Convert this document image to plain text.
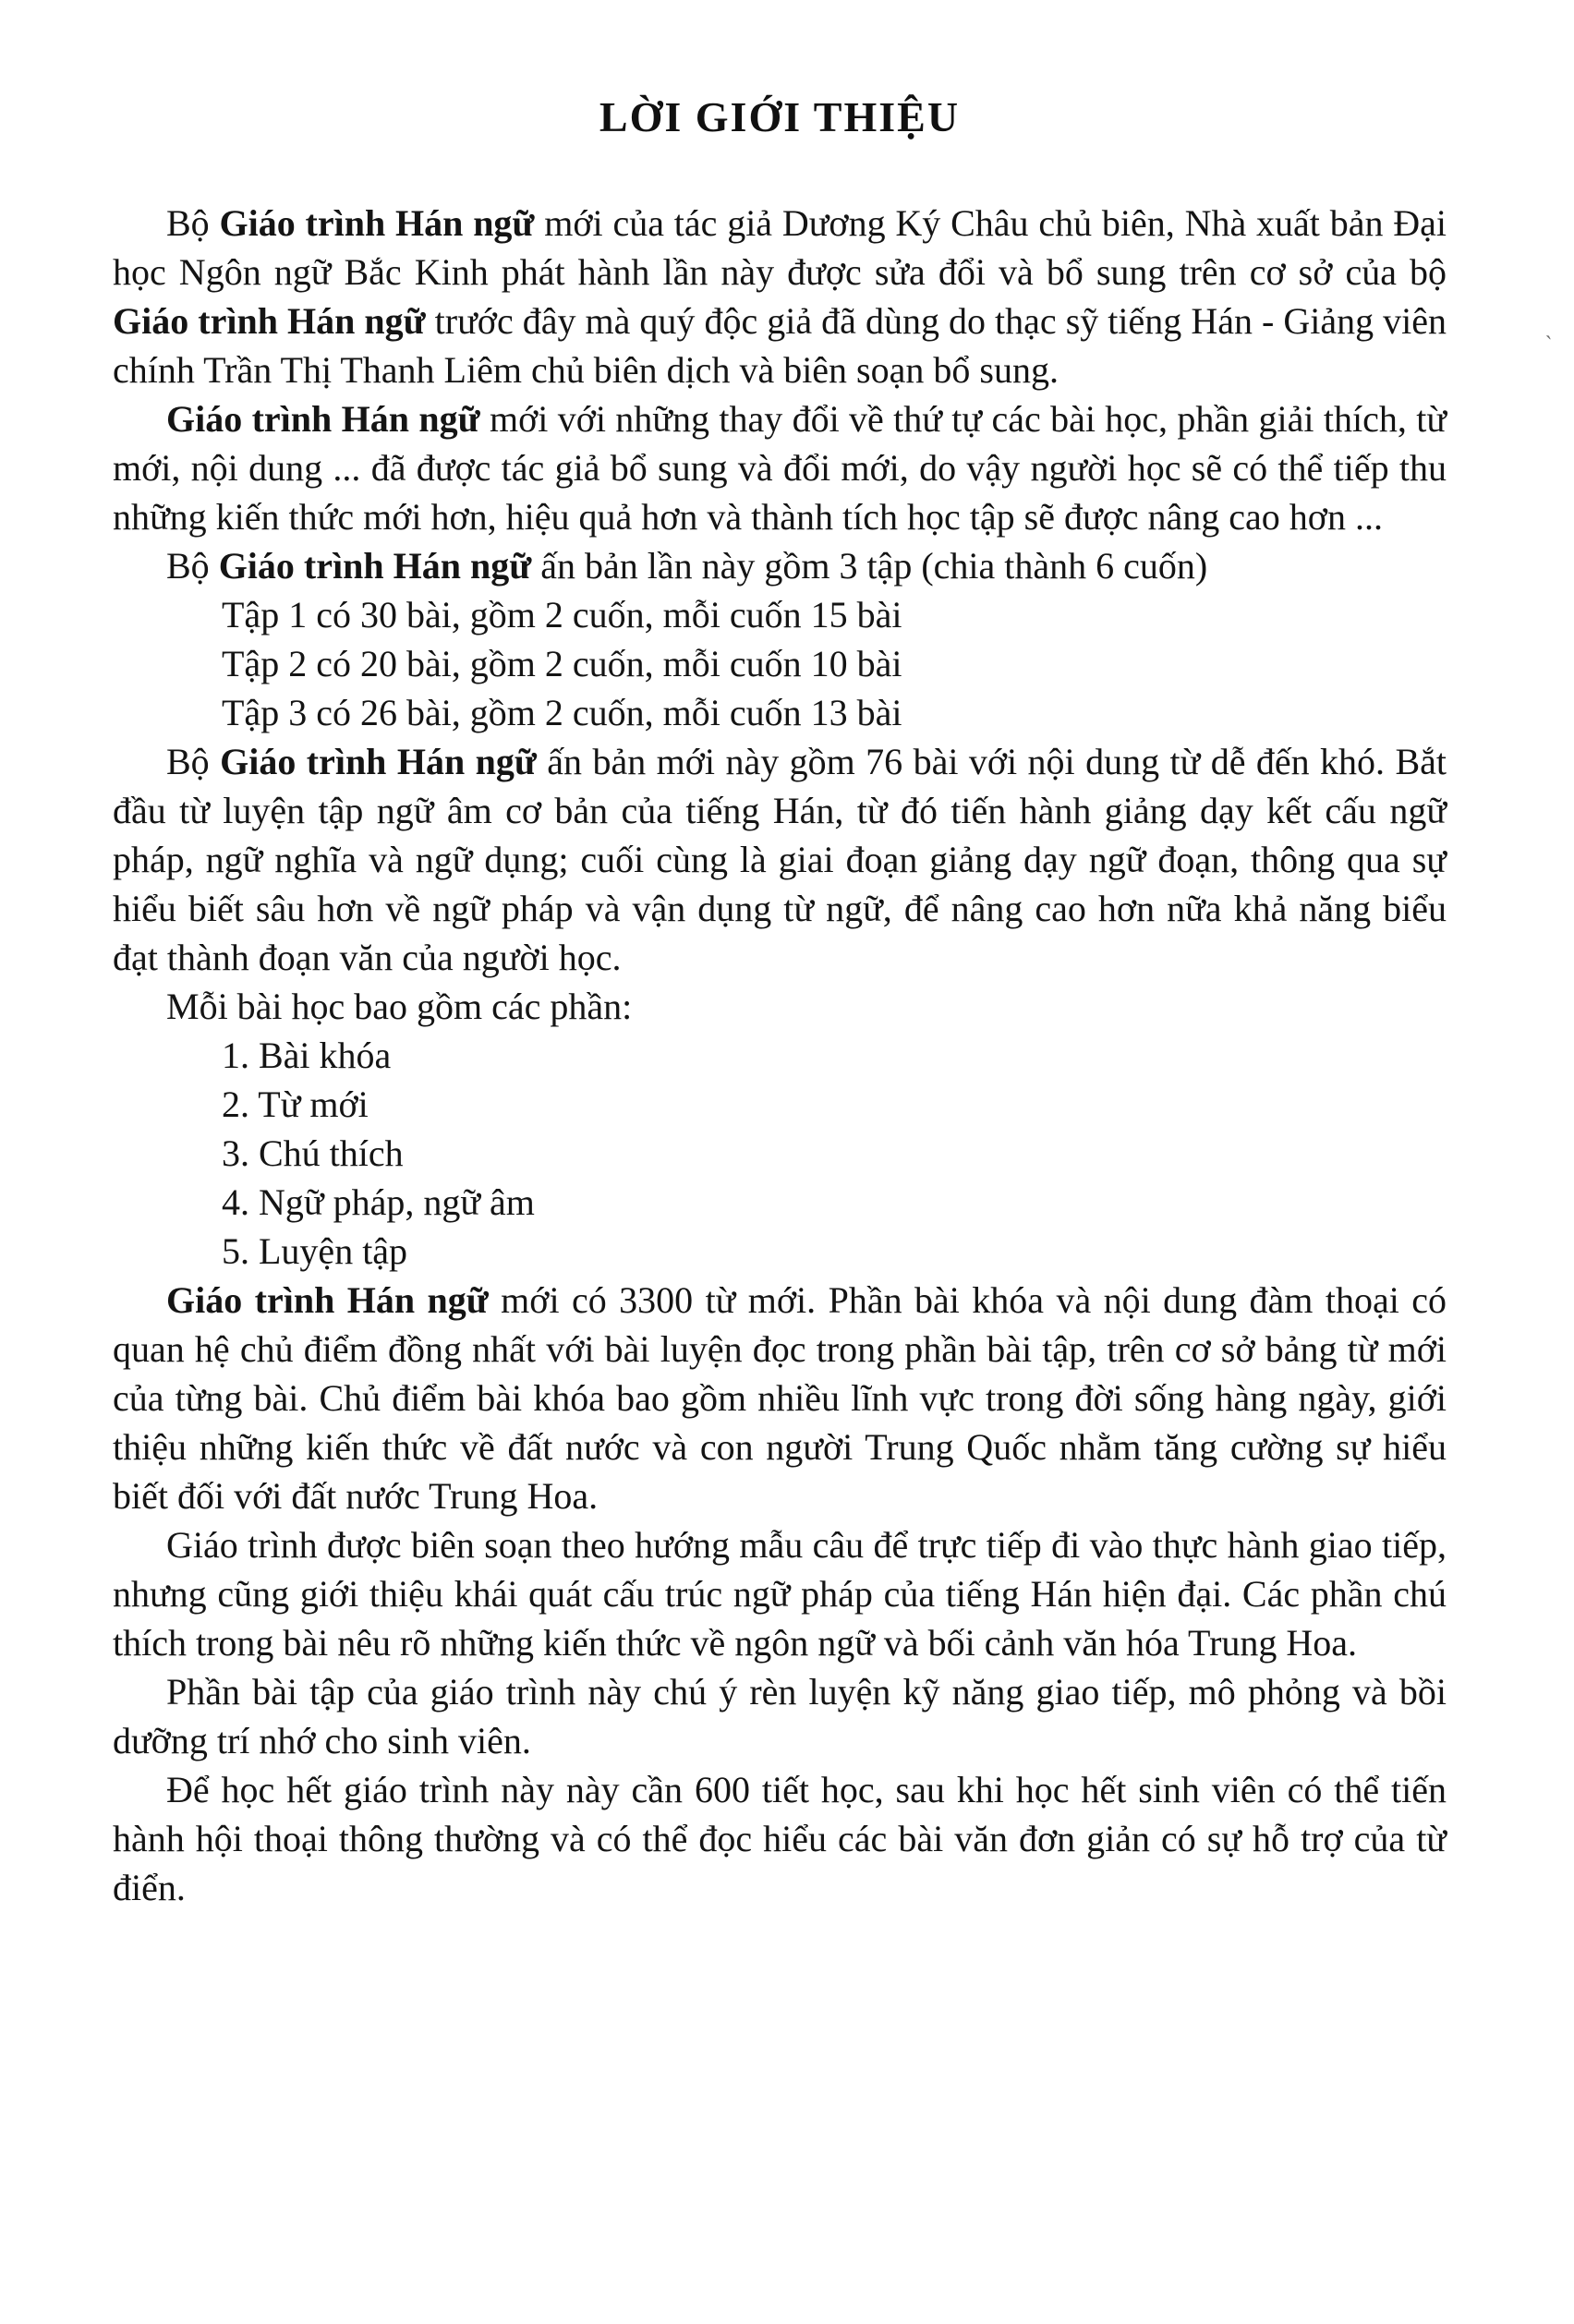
LỜI GIỚI THIỆU

Bộ Giáo trình Hán ngữ mới của tác giả Dương Ký Châu chủ biên, Nhà xuất bản Đại học Ngôn ngữ Bắc Kinh phát hành lần này được sửa đổi và bổ sung trên cơ sở của bộ Giáo trình Hán ngữ trước đây mà quý độc giả đã dùng do thạc sỹ tiếng Hán - Giảng viên chính Trần Thị Thanh Liêm chủ biên dịch và biên soạn bổ sung.

Giáo trình Hán ngữ mới với những thay đổi về thứ tự các bài học, phần giải thích, từ mới, nội dung ... đã được tác giả bổ sung và đổi mới, do vậy người học sẽ có thể tiếp thu những kiến thức mới hơn, hiệu quả hơn và thành tích học tập sẽ được nâng cao hơn ...

Bộ Giáo trình Hán ngữ ấn bản lần này gồm 3 tập (chia thành 6 cuốn)

Tập 1 có 30 bài, gồm 2 cuốn, mỗi cuốn 15 bài

Tập 2 có 20 bài, gồm 2 cuốn, mỗi cuốn 10 bài

Tập 3 có 26 bài, gồm 2 cuốn, mỗi cuốn 13 bài

Bộ Giáo trình Hán ngữ ấn bản mới này gồm 76 bài với nội dung từ dễ đến khó. Bắt đầu từ luyện tập ngữ âm cơ bản của tiếng Hán, từ đó tiến hành giảng dạy kết cấu ngữ pháp, ngữ nghĩa và ngữ dụng; cuối cùng là giai đoạn giảng dạy ngữ đoạn, thông qua sự hiểu biết sâu hơn về ngữ pháp và vận dụng từ ngữ, để nâng cao hơn nữa khả năng biểu đạt thành đoạn văn của người học.

Mỗi bài học bao gồm các phần:

1. Bài khóa

2. Từ mới

3. Chú thích

4. Ngữ pháp, ngữ âm

5. Luyện tập

Giáo trình Hán ngữ mới có 3300 từ mới. Phần bài khóa và nội dung đàm thoại có quan hệ chủ điểm đồng nhất với bài luyện đọc trong phần bài tập, trên cơ sở bảng từ mới của từng bài. Chủ điểm bài khóa bao gồm nhiều lĩnh vực trong đời sống hàng ngày, giới thiệu những kiến thức về đất nước và con người Trung Quốc nhằm tăng cường sự hiểu biết đối với đất nước Trung Hoa.

Giáo trình được biên soạn theo hướng mẫu câu để trực tiếp đi vào thực hành giao tiếp, nhưng cũng giới thiệu khái quát cấu trúc ngữ pháp của tiếng Hán hiện đại. Các phần chú thích trong bài nêu rõ những kiến thức về ngôn ngữ và bối cảnh văn hóa Trung Hoa.

Phần bài tập của giáo trình này chú ý rèn luyện kỹ năng giao tiếp, mô phỏng và bồi dưỡng trí nhớ cho sinh viên.

Để học hết giáo trình này này cần 600 tiết học, sau khi học hết sinh viên có thể tiến hành hội thoại thông thường và có thể đọc hiểu các bài văn đơn giản có sự hỗ trợ của từ điển.

ˏ
